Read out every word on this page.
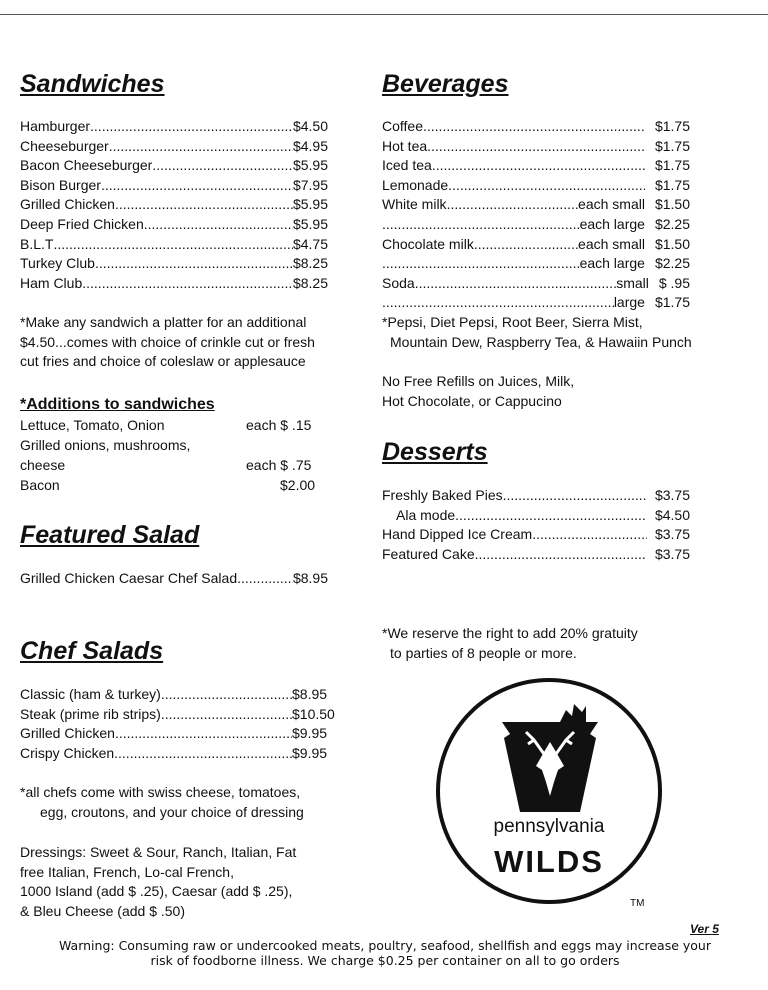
Sandwiches
Hamburger .....	$4.50
Cheeseburger .....	$4.95
Bacon Cheeseburger .....	$5.95
Bison Burger .....	$7.95
Grilled Chicken .....	$5.95
Deep Fried Chicken .....	$5.95
B.L.T .....	$4.75
Turkey Club .....	$8.25
Ham Club .....	$8.25
*Make any sandwich a platter for an additional
$4.50...comes with choice of crinkle cut or fresh
cut fries and choice of coleslaw or applesauce
*Additions to sandwiches
Lettuce, Tomato, Onion	each $ .15
Grilled onions, mushrooms,
cheese	each $ .75
Bacon	$2.00
Featured Salad
Grilled Chicken Caesar Chef Salad .....	$8.95
Chef Salads
Classic (ham & turkey) .....	$8.95
Steak (prime rib strips) .....	$10.50
Grilled Chicken .....	$9.95
Crispy Chicken .....	$9.95
*all chefs come with swiss cheese, tomatoes,
egg, croutons, and your choice of dressing
Dressings: Sweet & Sour, Ranch, Italian, Fat
free Italian, French, Lo-cal French,
1000 Island (add $ .25), Caesar (add $ .25),
& Bleu Cheese (add $ .50)
Beverages
Coffee .....	$1.75
Hot tea .....	$1.75
Iced tea .....	$1.75
Lemonade .....	$1.75
White milk .....	each small $1.50
.....
each large $2.25
Chocolate milk .....	each small $1.50
.....
each large $2.25
Soda .....	small $ .95
.....
large $1.75
*Pepsi, Diet Pepsi, Root Beer, Sierra Mist,
Mountain Dew, Raspberry Tea, & Hawaiin Punch
No Free Refills on Juices, Milk,
Hot Chocolate, or Cappucino
Desserts
Freshly Baked Pies .....	$3.75
Ala mode .....	$4.50
Hand Dipped Ice Cream .....	$3.75
Featured Cake .....	$3.75
*We reserve the right to add 20% gratuity
to parties of 8 people or more.
pennsylvania
WILDS
TM
Ver 5
Warning: Consuming raw or undercooked meats, poultry, seafood, shellfish and eggs may increase your
risk of foodborne illness. We charge $0.25 per container on all to go orders
